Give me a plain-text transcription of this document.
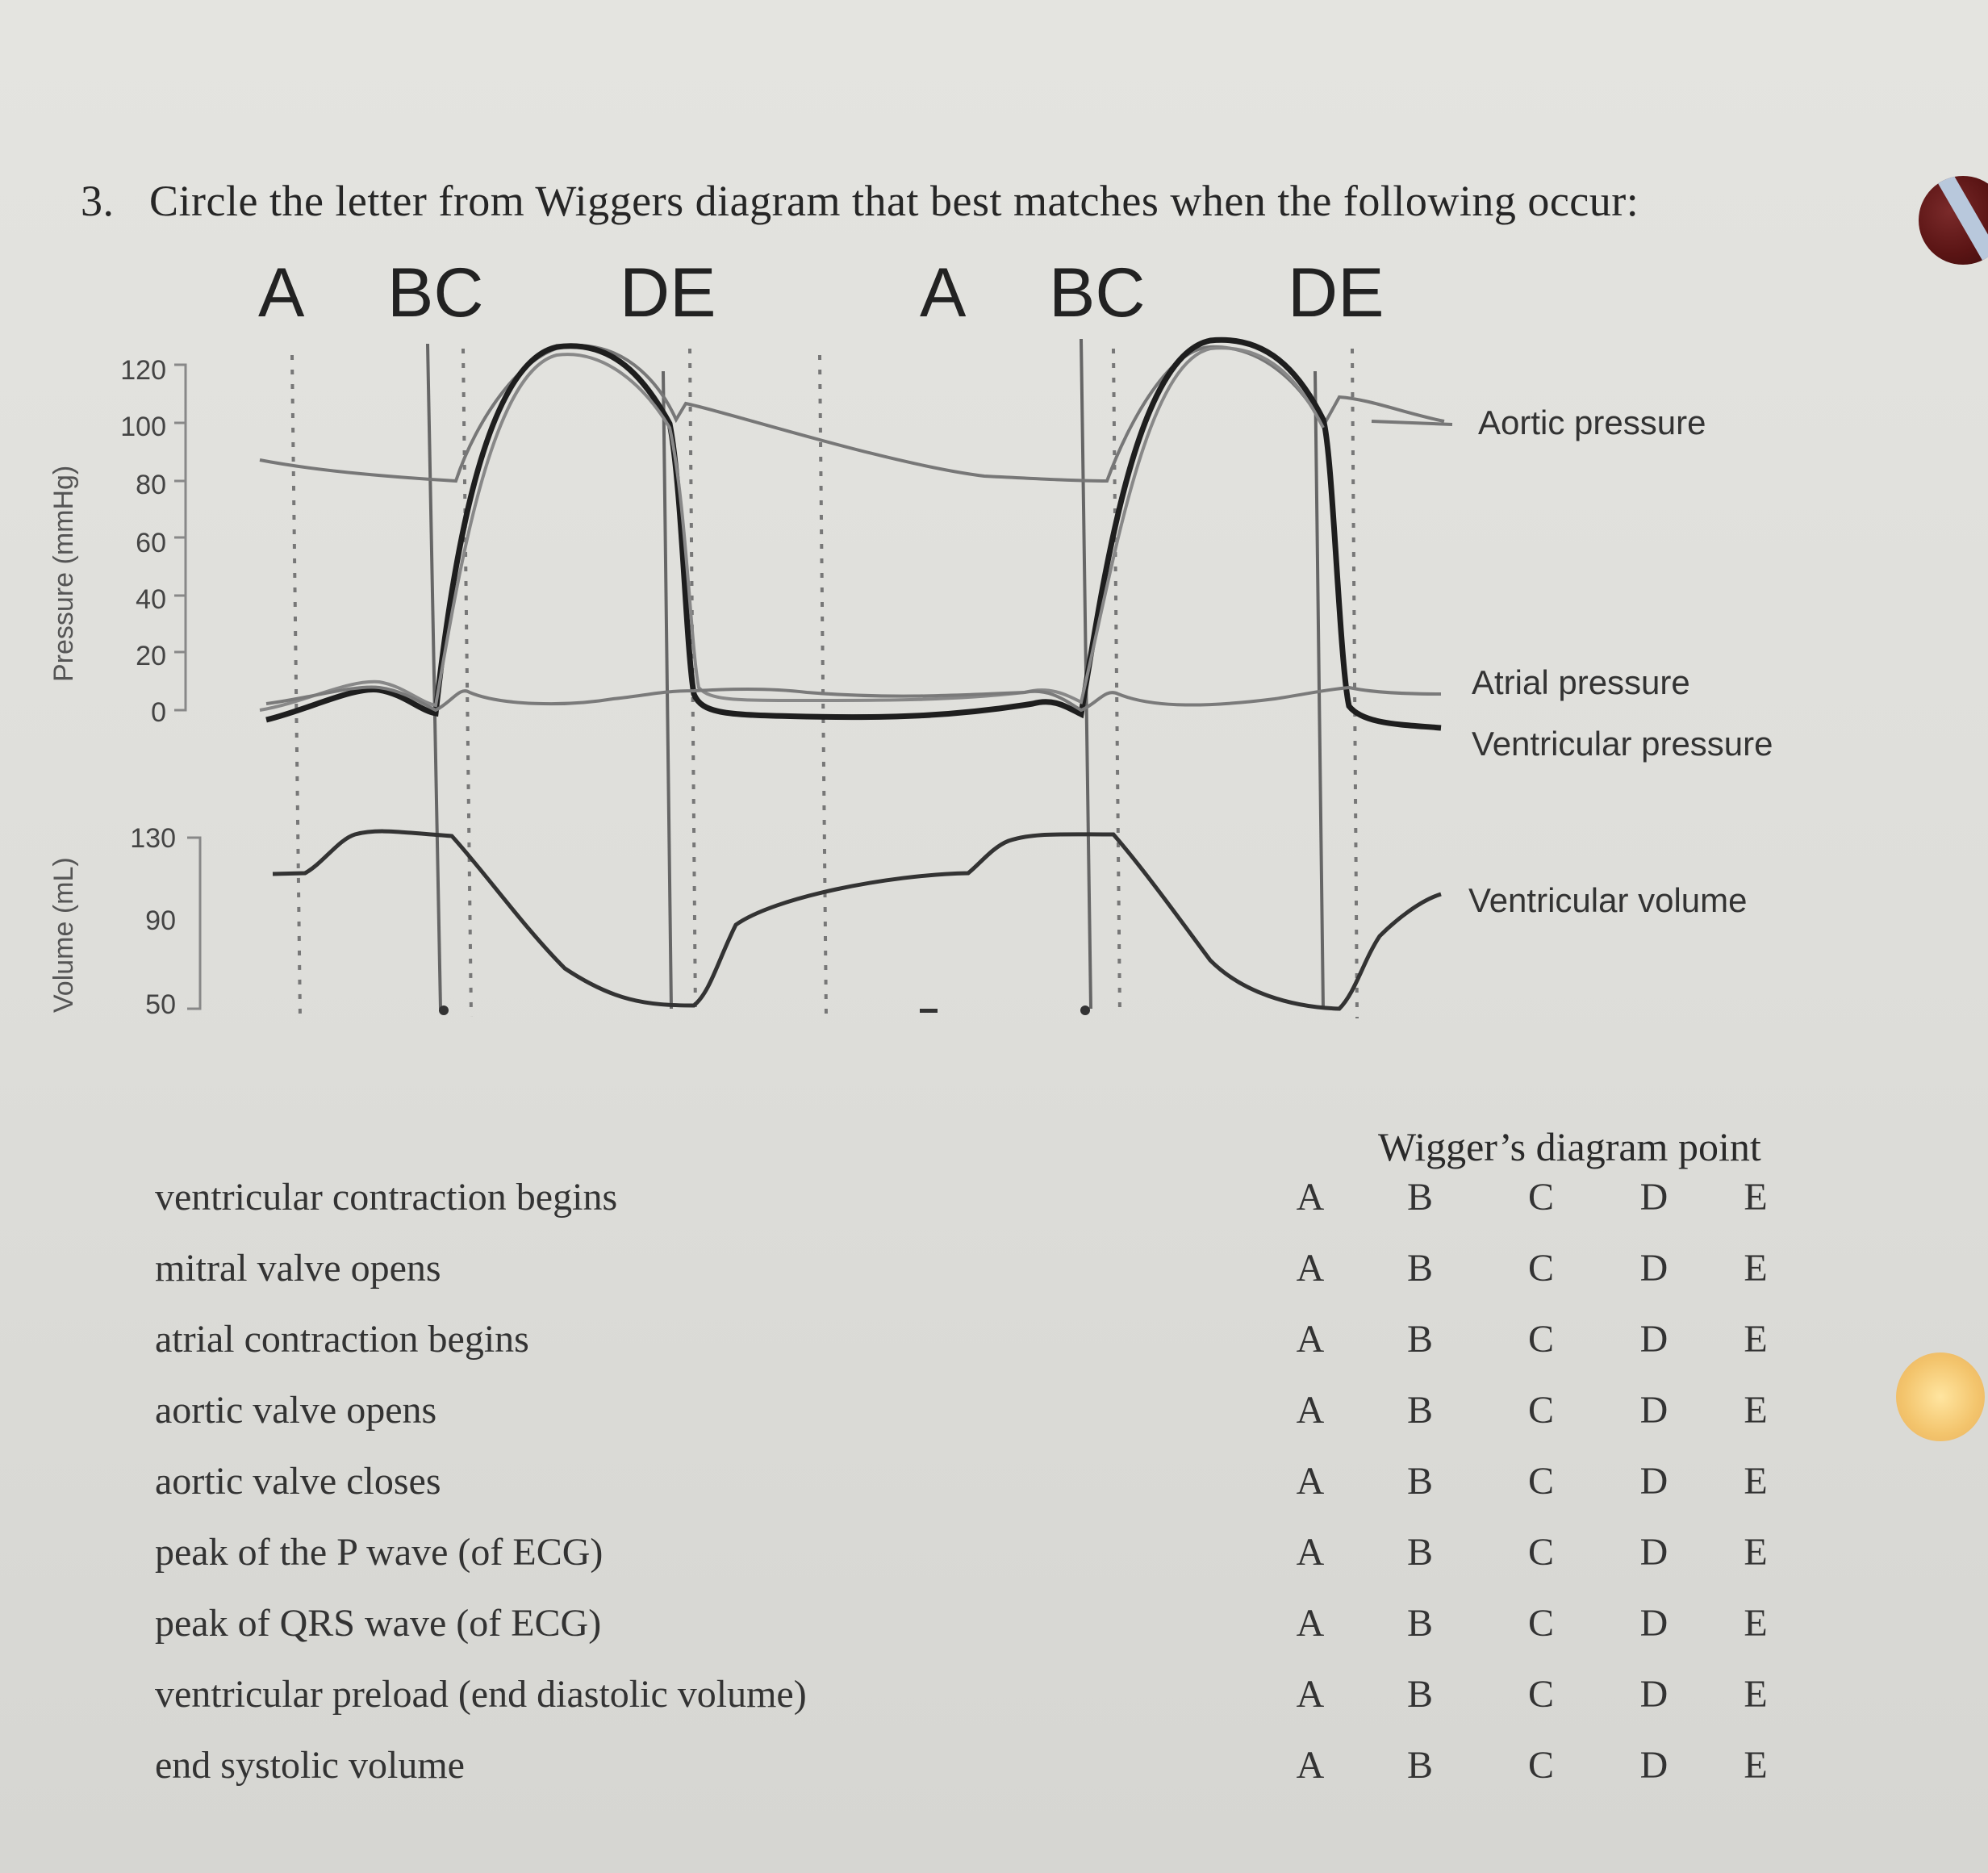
3. Circle the letter from Wiggers diagram that best matches when the following occur:
A BC DE	A BC DE
Pressure (mmHg)
Volume (mL)
120
100
80
60
40
20
0
130
90
50
Aortic pressure
Atrial pressure
Ventricular pressure
Ventricular volume
Wigger’s diagram point
ventricular contraction begins	A B C D	E
mitral valve opens	A B C D	E
atrial contraction begins	A B C D	E
aortic valve opens	A B C D	E
aortic valve closes	A B C D	E
peak of the P wave (of ECG)	A B C D	E
peak of QRS wave (of ECG)	A B C D	E
ventricular preload (end diastolic volume)	A B C D	E
end systolic volume	A B C D	E
